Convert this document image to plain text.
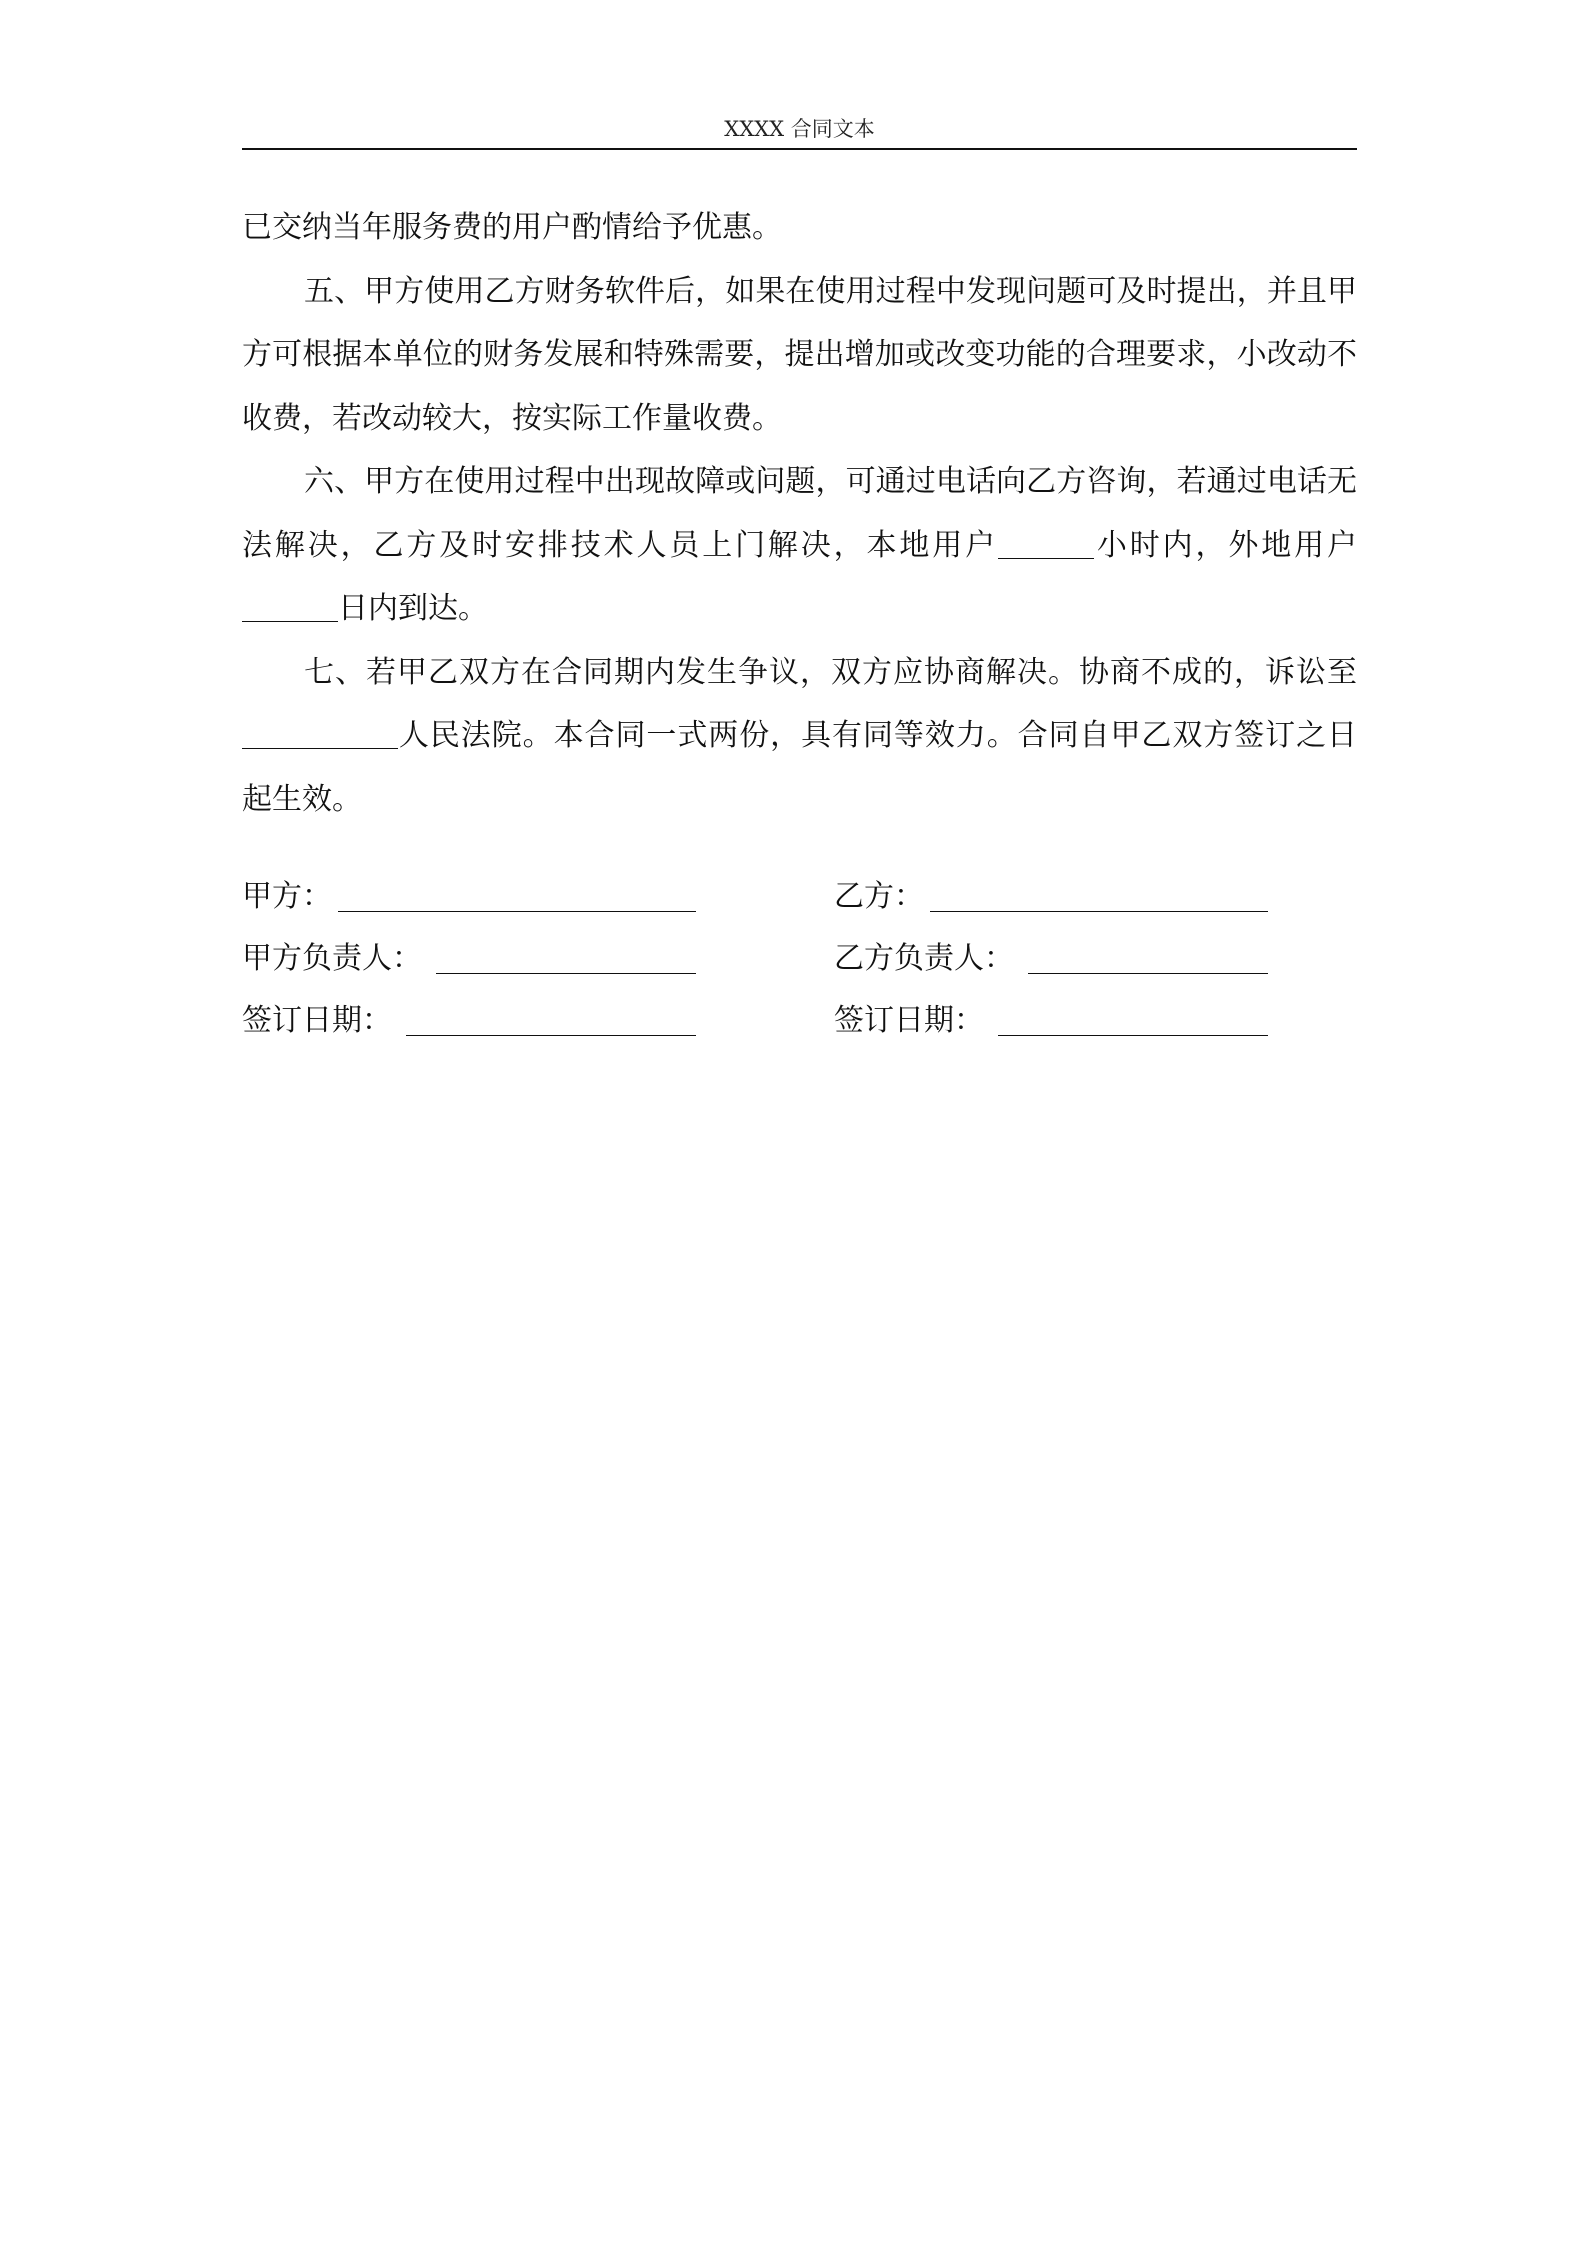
XXXX 合同文本

已交纳当年服务费的用户酌情给予优惠。

五、甲方使用乙方财务软件后，如果在使用过程中发现问题可及时提出，并且甲方可根据本单位的财务发展和特殊需要，提出增加或改变功能的合理要求，小改动不收费，若改动较大，按实际工作量收费。

六、甲方在使用过程中出现故障或问题，可通过电话向乙方咨询，若通过电话无法解决，乙方及时安排技术人员上门解决，本地用户	小时内，外地用户日内到达。

七、若甲乙双方在合同期内发生争议，双方应协商解决。协商不成的，诉讼至人民法院。本合同一式两份，具有同等效力。合同自甲乙双方签订之日起生效。

甲方：	乙方：
甲方负责人：	乙方负责人：
签订日期：	签订日期：
